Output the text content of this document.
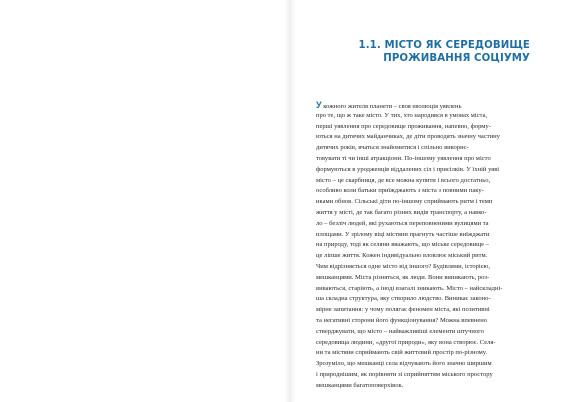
1.1. МІСТО ЯК СЕРЕДОВИЩЕ
ПРОЖИВАННЯ СОЦІУМУ
У кожного жителя планети – своя еволюція уявлень
про те, що ж таке місто. У тих, хто народився в умовах міста,
перші уявлення про середовище проживання, напевно, форму-
ються на дитячих майданчиках, де діти проводять значну частину
дитячих років, вчаться знайомитися і спільно викорис-
товувати ті чи інші атракціони. По-іншому уявлення про місто
формуються в уродженців віддалених сіл і присілків. У їхній уяві
місто – це скарбниця, де все можна купити і всього достатньо,
особливо коли батьки приїжджають з міста з повними паку-
нками обнов. Сільські діти по-іншому сприймають ритм і темп
життя у місті, де так багато різних видів транспорту, а навко-
ло – безліч людей, які рухаються переповненими вулицями та
площами. У зрілому віці містяни прагнуть частіше виїжджати
на природу, тоді як селяни вважають, що міське середовище –
це ліпше життя. Кожен індивідуально вловлює міський ритм.
Чим відрізняється одне місто від іншого? Будівлями, історією,
мешканцями. Міста різняться, як люди. Вони виникають, роз-
виваються, старіють, а іноді взагалі зникають. Місто – найскладні-
ша складна структура, яку створило людство. Виникає законо-
мірне запитання: у чому полягає феномен міста, які позитивні
та негативні сторони його функціонування? Можна впевнено
стверджувати, що місто – найважливіші елементи штучного
середовища людини, «другої природи», яку вона створює. Селя-
ни та містяни сприймають свій життєвий простір по-різному.
Зрозуміло, що мешканці села відчувають його значно ширшим
і природнішим, як порівняти зі сприйняттям міського простору
мешканцями багатоповерхівок.
